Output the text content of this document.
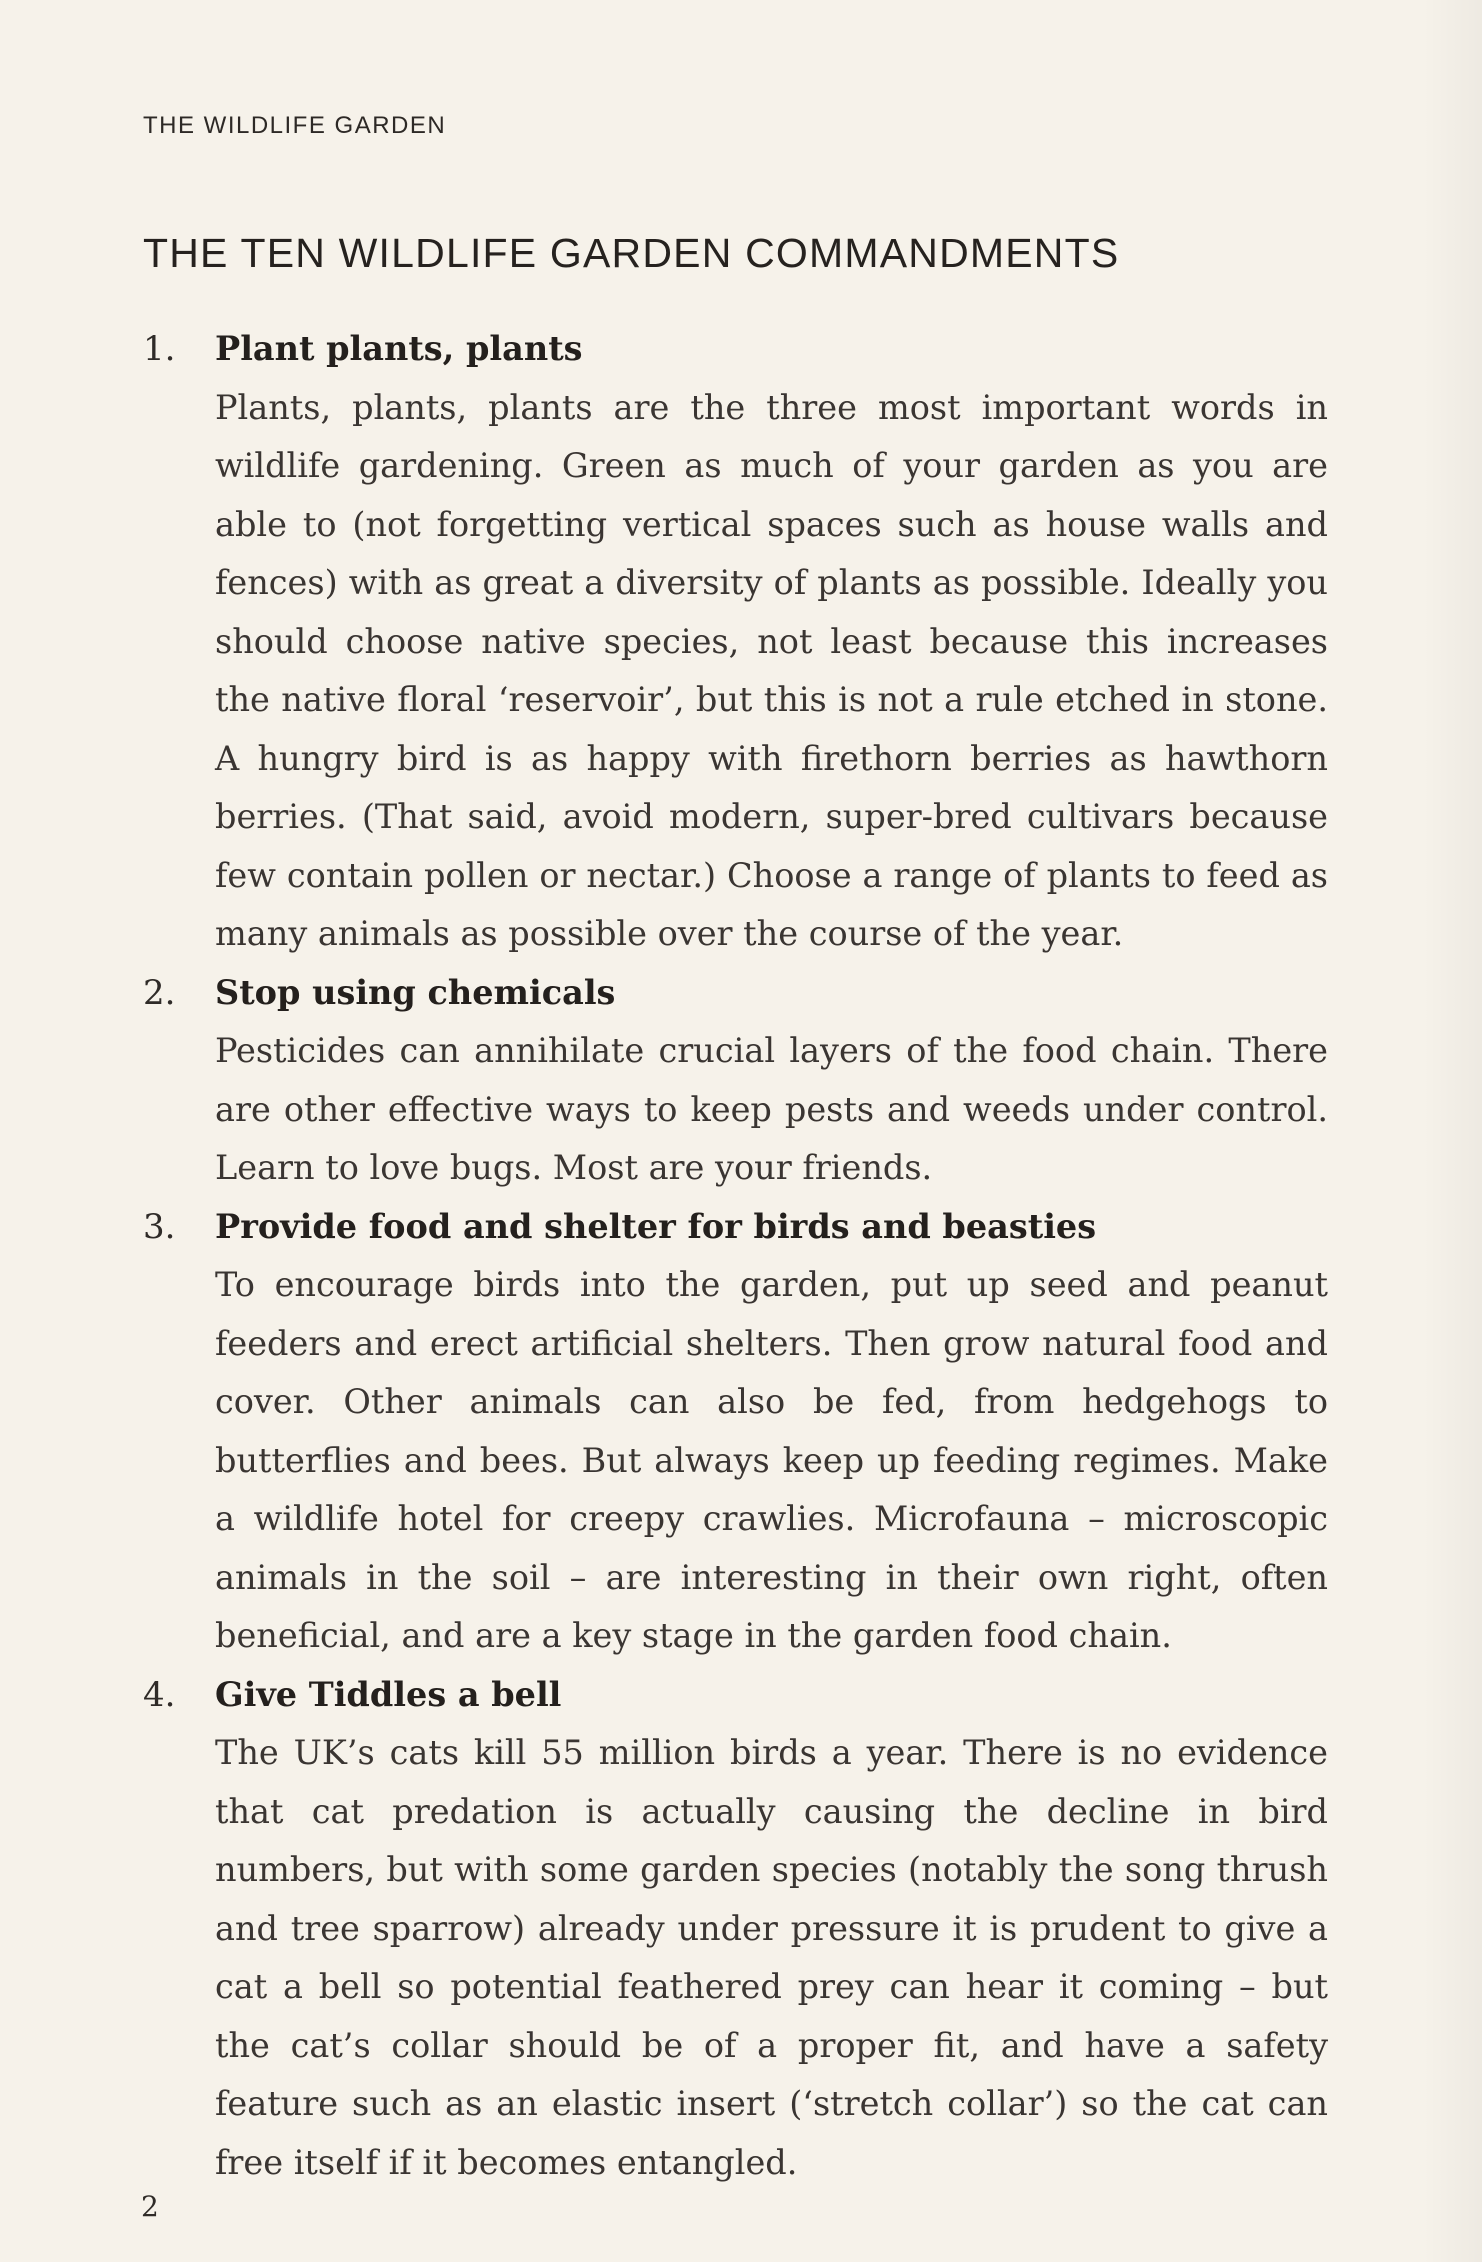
THE WILDLIFE GARDEN
THE TEN WILDLIFE GARDEN COMMANDMENTS
1. Plant plants, plants
Plants, plants, plants are the three most important words in wildlife gardening. Green as much of your garden as you are able to (not forgetting vertical spaces such as house walls and fences) with as great a diversity of plants as possible. Ideally you should choose native species, not least because this increases the native floral ‘reservoir’, but this is not a rule etched in stone. A hungry bird is as happy with firethorn berries as hawthorn berries. (That said, avoid modern, super-bred cultivars because few contain pollen or nectar.) Choose a range of plants to feed as many animals as possible over the course of the year.
2. Stop using chemicals
Pesticides can annihilate crucial layers of the food chain. There are other effective ways to keep pests and weeds under control. Learn to love bugs. Most are your friends.
3. Provide food and shelter for birds and beasties
To encourage birds into the garden, put up seed and peanut feeders and erect artificial shelters. Then grow natural food and cover. Other animals can also be fed, from hedgehogs to butterflies and bees. But always keep up feeding regimes. Make a wildlife hotel for creepy crawlies. Microfauna – microscopic animals in the soil – are interesting in their own right, often beneficial, and are a key stage in the garden food chain.
4. Give Tiddles a bell
The UK’s cats kill 55 million birds a year. There is no evidence that cat predation is actually causing the decline in bird numbers, but with some garden species (notably the song thrush and tree sparrow) already under pressure it is prudent to give a cat a bell so potential feathered prey can hear it coming – but the cat’s collar should be of a proper fit, and have a safety feature such as an elastic insert (‘stretch collar’) so the cat can free itself if it becomes entangled.
2
